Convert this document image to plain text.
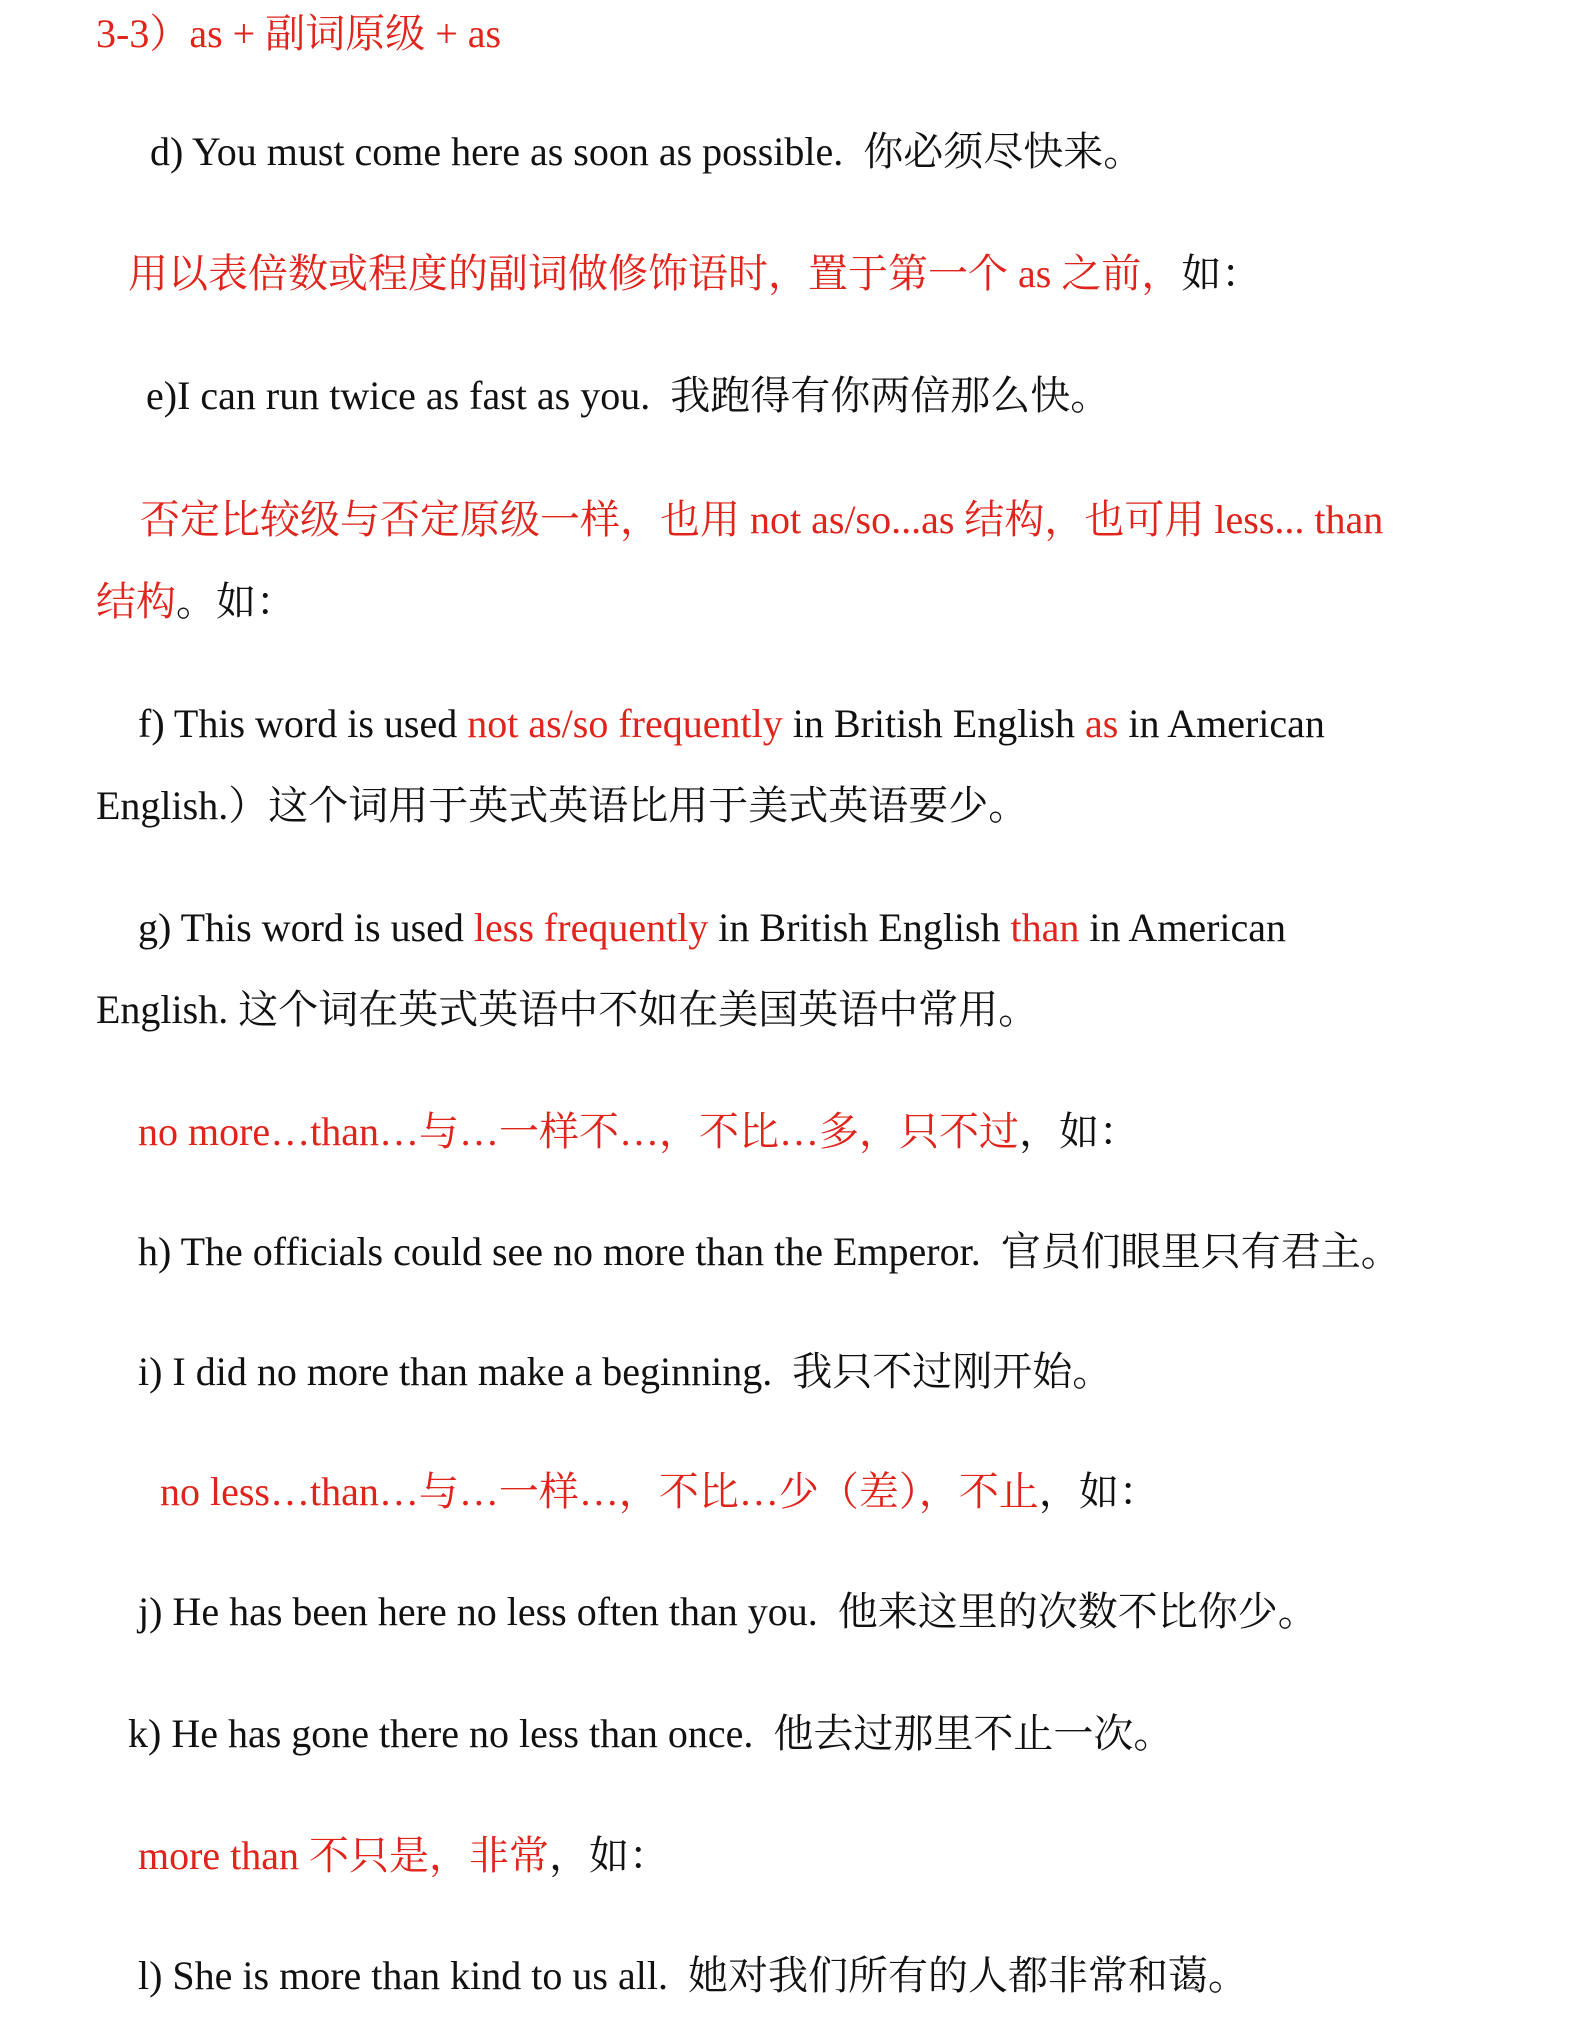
3-3）as + 副词原级 + as
d) You must come here as soon as possible. 你必须尽快来。
用以表倍数或程度的副词做修饰语时，置于第一个 as 之前，如：
e)I can run twice as fast as you. 我跑得有你两倍那么快。
否定比较级与否定原级一样，也用 not as/so...as 结构，也可用 less... than
结构。如：
f) This word is used not as/so frequently in British English as in American
English.）这个词用于英式英语比用于美式英语要少。
g) This word is used less frequently in British English than in American
English. 这个词在英式英语中不如在美国英语中常用。
no more…than…与…一样不…，不比…多，只不过，如：
h) The officials could see no more than the Emperor. 官员们眼里只有君主。
i) I did no more than make a beginning. 我只不过刚开始。
no less…than…与…一样…，不比…少（差），不止，如：
j) He has been here no less often than you. 他来这里的次数不比你少。
k) He has gone there no less than once. 他去过那里不止一次。
more than 不只是，非常，如：
l) She is more than kind to us all. 她对我们所有的人都非常和蔼。
